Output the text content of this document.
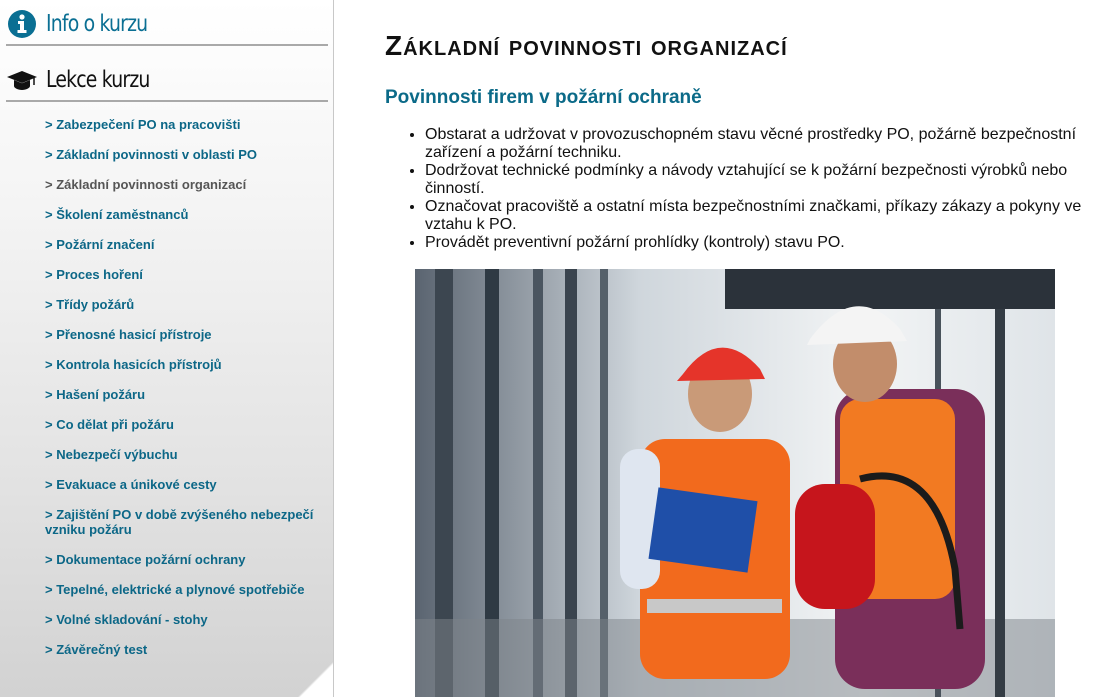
Info o kurzu
Lekce kurzu
> Zabezpečení PO na pracovišti
> Základní povinnosti v oblasti PO
> Základní povinnosti organizací
> Školení zaměstnanců
> Požární značení
> Proces hoření
> Třídy požárů
> Přenosné hasicí přístroje
> Kontrola hasicích přístrojů
> Hašení požáru
> Co dělat při požáru
> Nebezpečí výbuchu
> Evakuace a únikové cesty
> Zajištění PO v době zvýšeného nebezpečí vzniku požáru
> Dokumentace požární ochrany
> Tepelné, elektrické a plynové spotřebiče
> Volné skladování - stohy
> Závěrečný test
Základní povinnosti organizací
Povinnosti firem v požární ochraně
• Obstarat a udržovat v provozuschopném stavu věcné prostředky PO, požárně bezpečnostní zařízení a požární techniku.
• Dodržovat technické podmínky a návody vztahující se k požární bezpečnosti výrobků nebo činností.
• Označovat pracoviště a ostatní místa bezpečnostními značkami, příkazy zákazy a pokyny ve vztahu k PO.
• Provádět preventivní požární prohlídky (kontroly) stavu PO.
